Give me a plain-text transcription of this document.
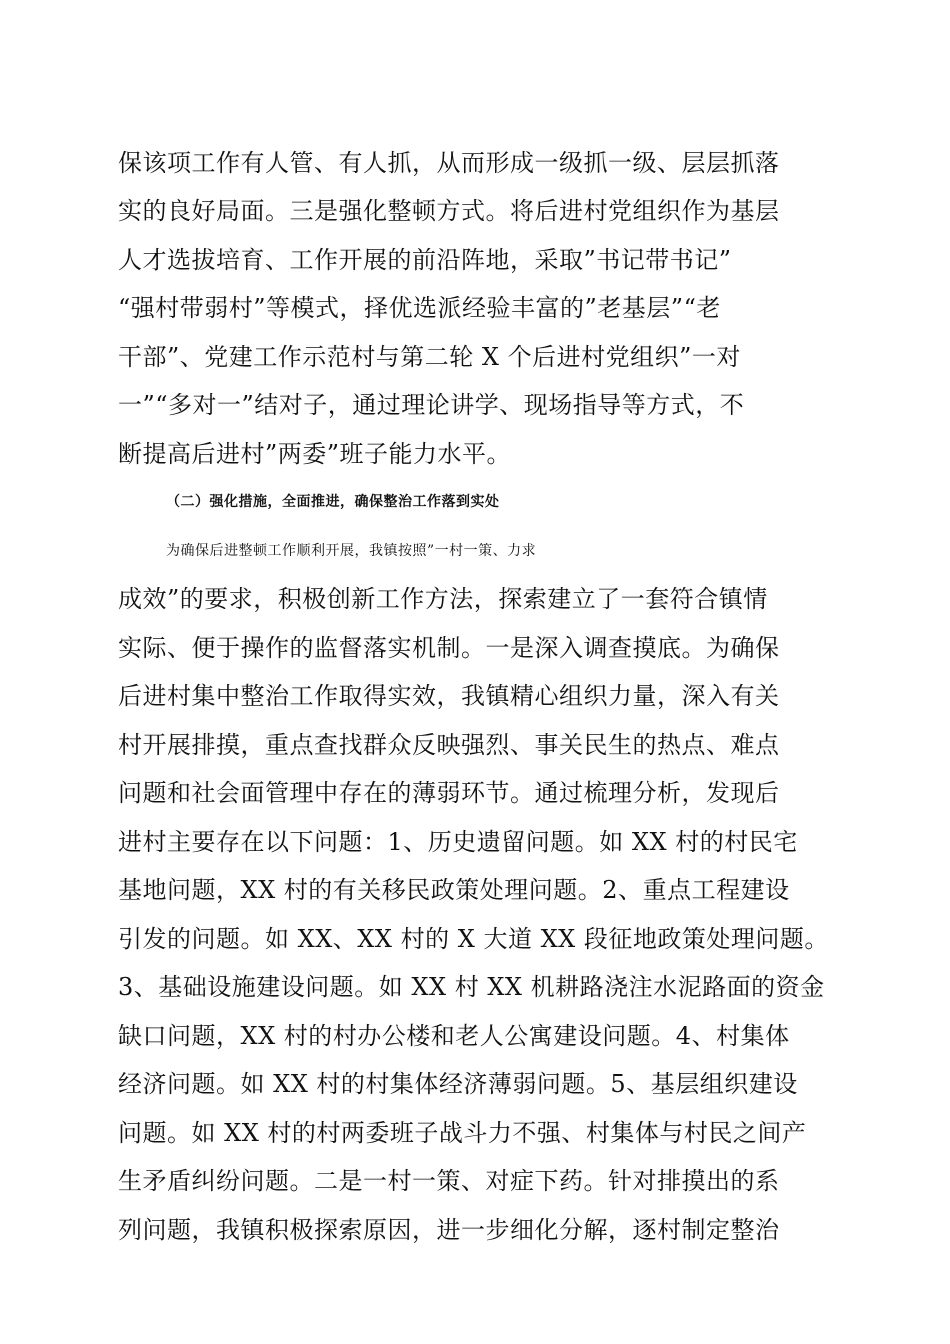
保该项工作有人管、有人抓，从而形成一级抓一级、层层抓落
实的良好局面。三是强化整顿方式。将后进村党组织作为基层
人才选拔培育、工作开展的前沿阵地，采取”书记带书记”
“强村带弱村”等模式，择优选派经验丰富的”老基层”“老
干部”、党建工作示范村与第二轮 X 个后进村党组织”一对
一”“多对一”结对子，通过理论讲学、现场指导等方式，不
断提高后进村”两委”班子能力水平。
（二）强化措施，全面推进，确保整治工作落到实处
为确保后进整顿工作顺利开展，我镇按照”一村一策、力求
成效”的要求，积极创新工作方法，探索建立了一套符合镇情
实际、便于操作的监督落实机制。一是深入调查摸底。为确保
后进村集中整治工作取得实效，我镇精心组织力量，深入有关
村开展排摸，重点查找群众反映强烈、事关民生的热点、难点
问题和社会面管理中存在的薄弱环节。通过梳理分析，发现后
进村主要存在以下问题：1、历史遗留问题。如 XX 村的村民宅
基地问题，XX 村的有关移民政策处理问题。2、重点工程建设
引发的问题。如 XX、XX 村的 X 大道 XX 段征地政策处理问题。
3、基础设施建设问题。如 XX 村 XX 机耕路浇注水泥路面的资金
缺口问题，XX 村的村办公楼和老人公寓建设问题。4、村集体
经济问题。如 XX 村的村集体经济薄弱问题。5、基层组织建设
问题。如 XX 村的村两委班子战斗力不强、村集体与村民之间产
生矛盾纠纷问题。二是一村一策、对症下药。针对排摸出的系
列问题，我镇积极探索原因，进一步细化分解，逐村制定整治
